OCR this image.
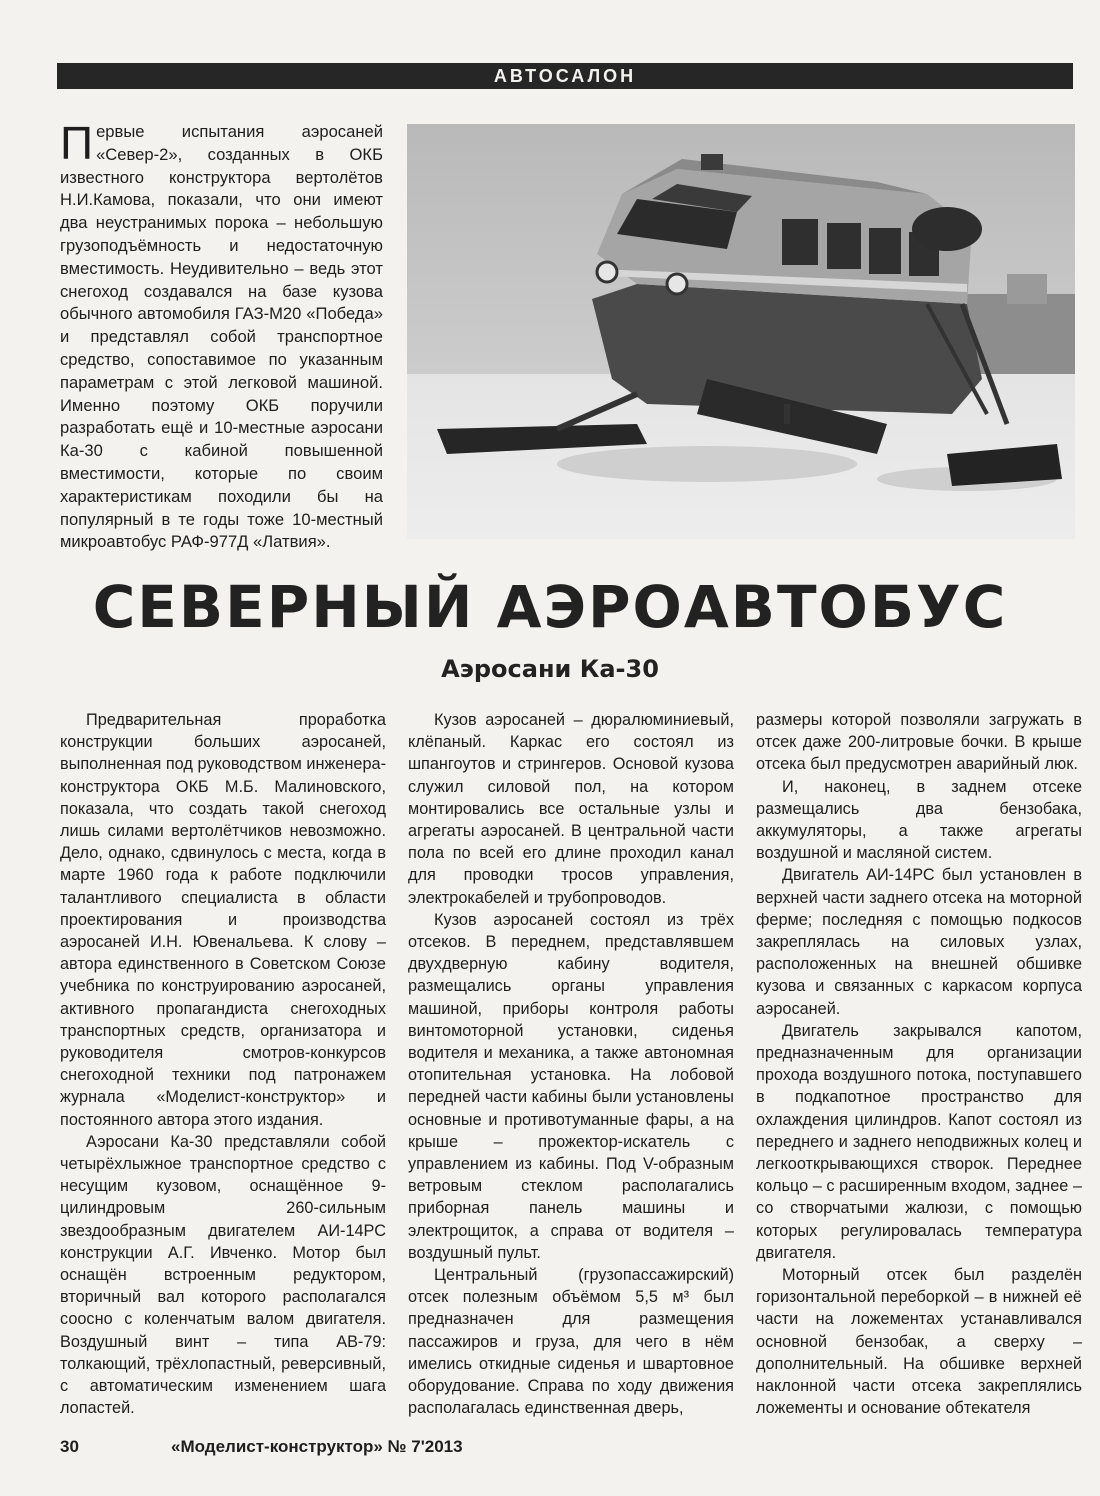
АВТОСАЛОН
Первые испытания аэросаней «Север-2», созданных в ОКБ известного конструктора вертолётов Н.И.Камова, показали, что они имеют два неустранимых порока – небольшую грузоподъёмность и недостаточную вместимость. Неудивительно – ведь этот снегоход создавался на базе кузова обычного автомобиля ГАЗ-М20 «Победа» и представлял собой транспортное средство, сопоставимое по указанным параметрам с этой легковой машиной. Именно поэтому ОКБ поручили разработать ещё и 10-местные аэросани Ка-30 с кабиной повышенной вместимости, которые по своим характеристикам походили бы на популярный в те годы тоже 10-местный микроавтобус РАФ-977Д «Латвия».
СЕВЕРНЫЙ АЭРОАВТОБУС
Аэросани Ка-30

Предварительная проработка конструкции больших аэросаней, выполненная под руководством инженера-конструктора ОКБ М.Б. Малиновского, показала, что создать такой снегоход лишь силами вертолётчиков невозможно. Дело, однако, сдвинулось с места, когда в марте 1960 года к работе подключили талантливого специалиста в области проектирования и производства аэросаней И.Н. Ювенальева. К слову – автора единственного в Советском Союзе учебника по конструированию аэросаней, активного пропагандиста снегоходных транспортных средств, организатора и руководителя смотров-конкурсов снегоходной техники под патронажем журнала «Моделист-конструктор» и постоянного автора этого издания.

Аэросани Ка-30 представляли собой четырёхлыжное транспортное средство с несущим кузовом, оснащённое 9-цилиндровым 260-сильным звездообразным двигателем АИ-14РС конструкции А.Г. Ивченко. Мотор был оснащён встроенным редуктором, вторичный вал которого располагался соосно с коленчатым валом двигателя. Воздушный винт – типа АВ-79: толкающий, трёхлопастный, реверсивный, с автоматическим изменением шага лопастей.

Кузов аэросаней – дюралюминиевый, клёпаный. Каркас его состоял из шпангоутов и стрингеров. Основой кузова служил силовой пол, на котором монтировались все остальные узлы и агрегаты аэросаней. В центральной части пола по всей его длине проходил канал для проводки тросов управления, электрокабелей и трубопроводов.

Кузов аэросаней состоял из трёх отсеков. В переднем, представлявшем двухдверную кабину водителя, размещались органы управления машиной, приборы контроля работы винтомоторной установки, сиденья водителя и механика, а также автономная отопительная установка. На лобовой передней части кабины были установлены основные и противотуманные фары, а на крыше – прожектор-искатель с управлением из кабины. Под V-образным ветровым стеклом располагались приборная панель машины и электрощиток, а справа от водителя – воздушный пульт.

Центральный (грузопассажирский) отсек полезным объёмом 5,5 м³ был предназначен для размещения пассажиров и груза, для чего в нём имелись откидные сиденья и швартовное оборудование. Справа по ходу движения располагалась единственная дверь,

размеры которой позволяли загружать в отсек даже 200-литровые бочки. В крыше отсека был предусмотрен аварийный люк.

И, наконец, в заднем отсеке размещались два бензобака, аккумуляторы, а также агрегаты воздушной и масляной систем.

Двигатель АИ-14РС был установлен в верхней части заднего отсека на моторной ферме; последняя с помощью подкосов закреплялась на силовых узлах, расположенных на внешней обшивке кузова и связанных с каркасом корпуса аэросаней.

Двигатель закрывался капотом, предназначенным для организации прохода воздушного потока, поступавшего в подкапотное пространство для охлаждения цилиндров. Капот состоял из переднего и заднего неподвижных колец и легкооткрывающихся створок. Переднее кольцо – с расширенным входом, заднее – со створчатыми жалюзи, с помощью которых регулировалась температура двигателя.

Моторный отсек был разделён горизонтальной переборкой – в нижней её части на ложементах устанавливался основной бензобак, а сверху – дополнительный. На обшивке верхней наклонной части отсека закреплялись ложементы и основание обтекателя

30	«Моделист-конструктор» № 7'2013
